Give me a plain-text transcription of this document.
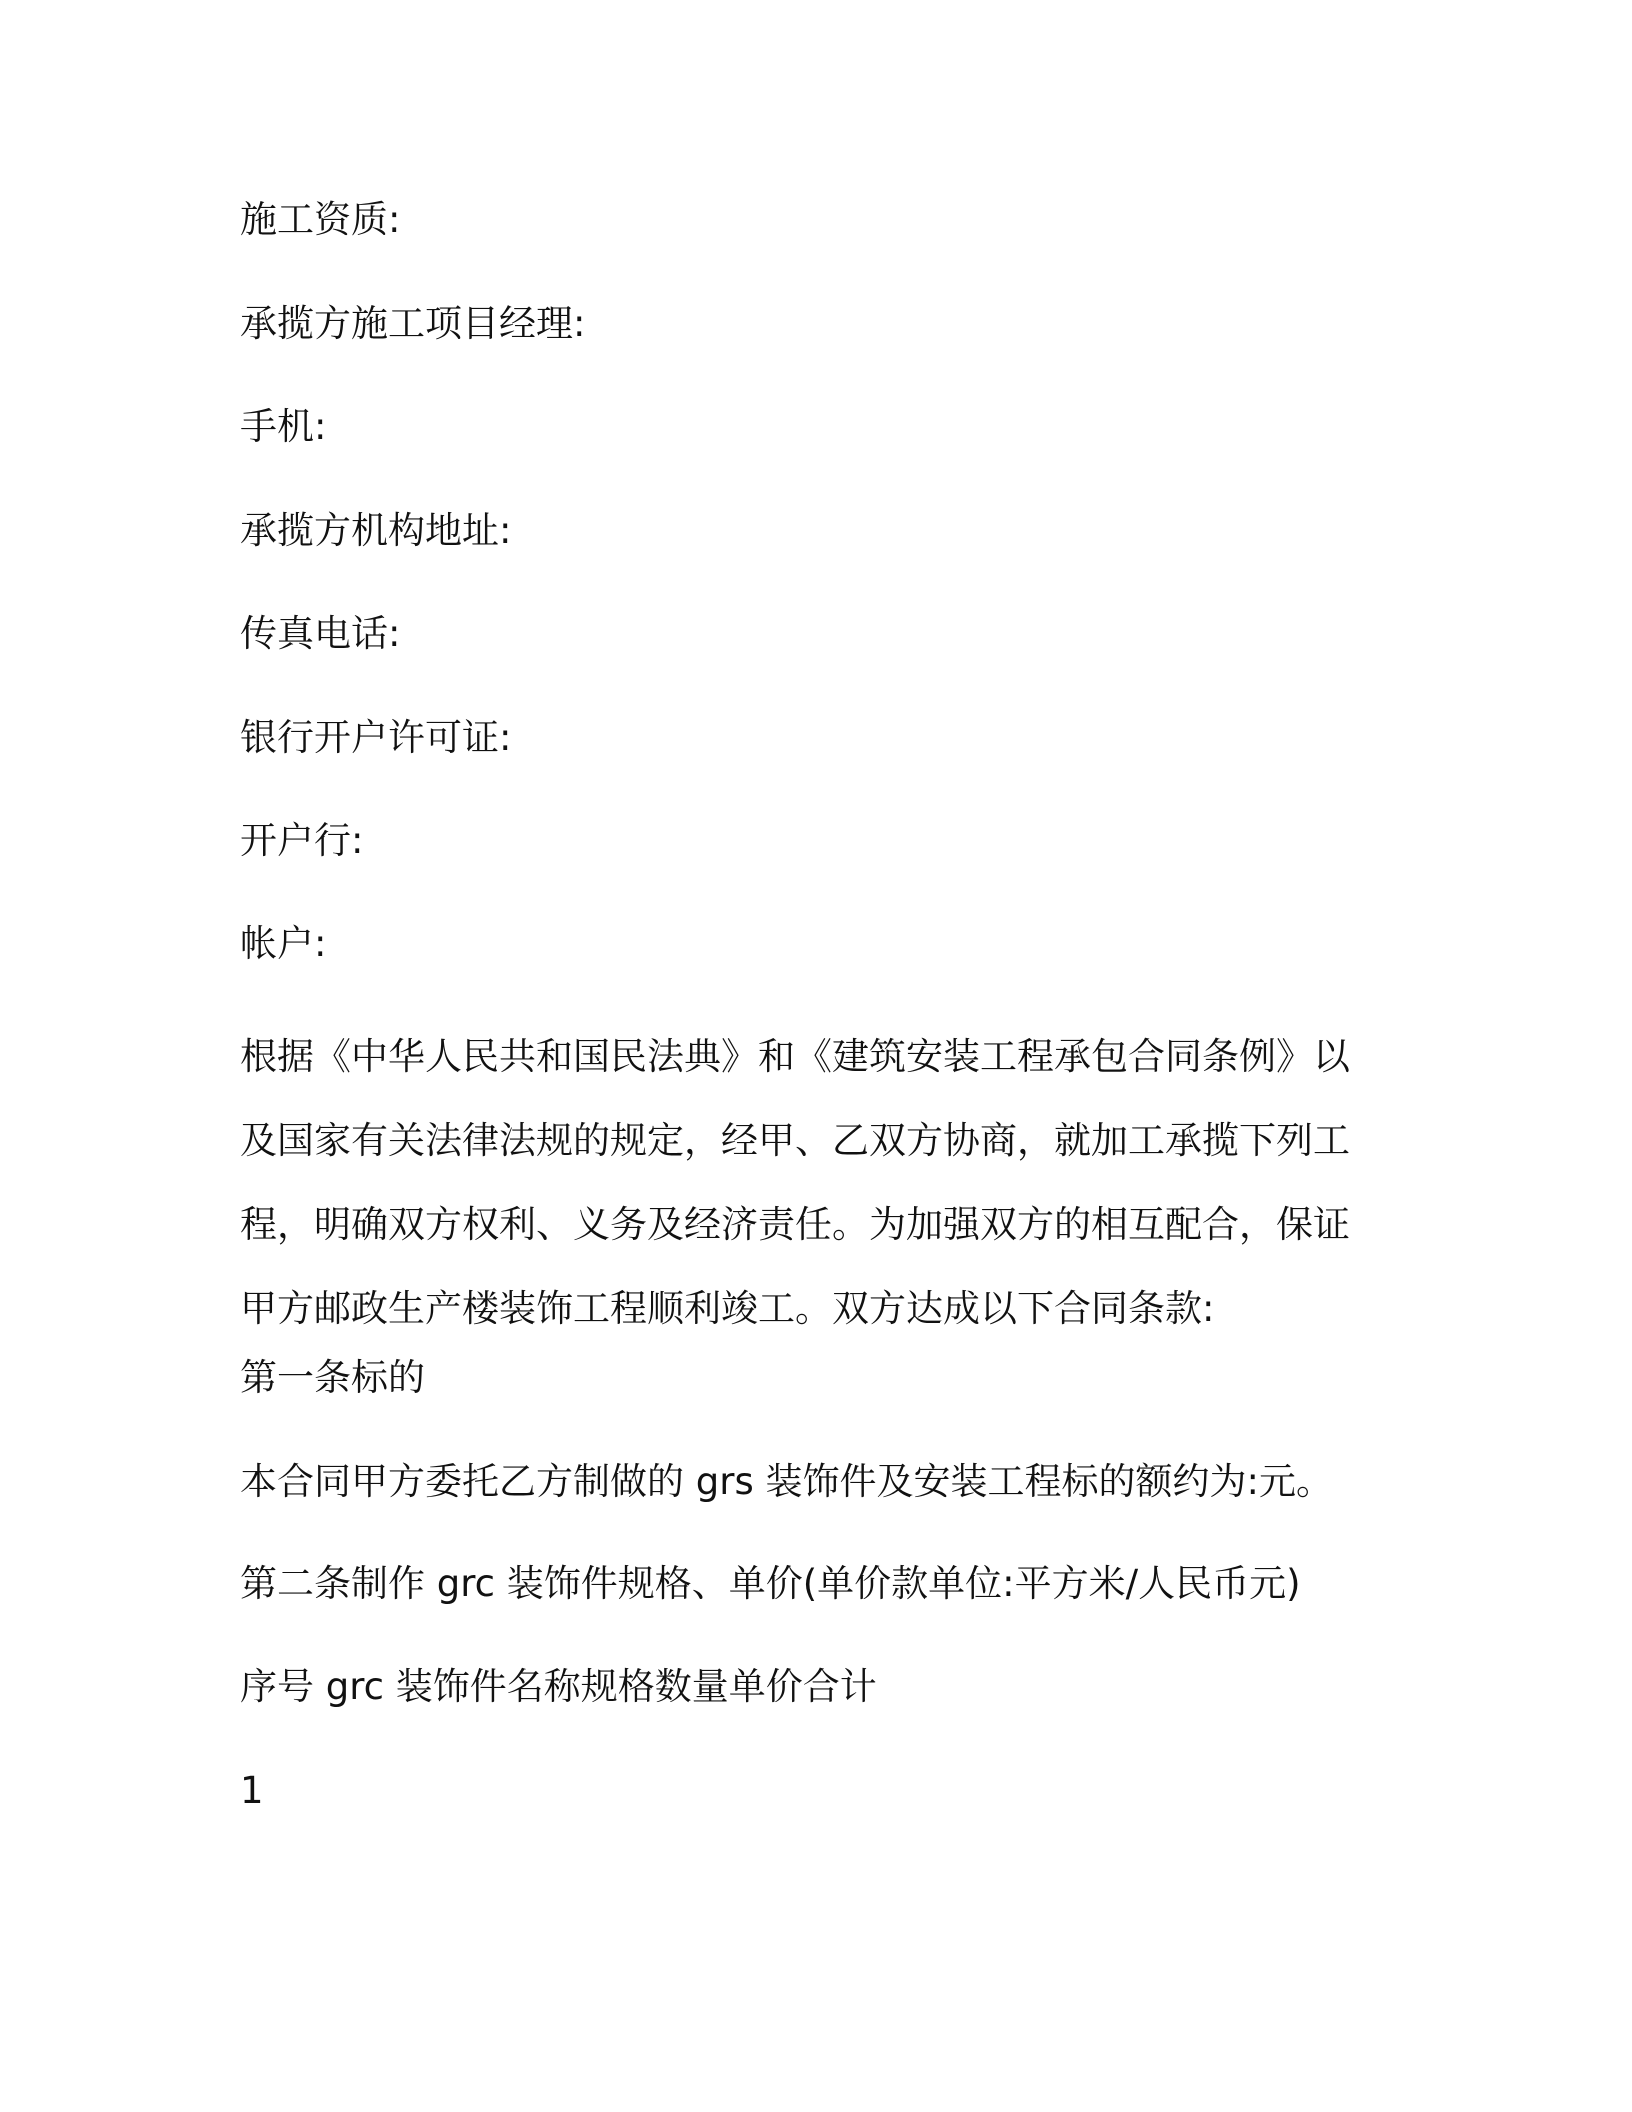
施工资质:

承揽方施工项目经理:

手机:

承揽方机构地址:

传真电话:

银行开户许可证:

开户行:

帐户:

根据《中华人民共和国民法典》和《建筑安装工程承包合同条例》以
及国家有关法律法规的规定，经甲、乙双方协商，就加工承揽下列工
程，明确双方权利、义务及经济责任。为加强双方的相互配合，保证
甲方邮政生产楼装饰工程顺利竣工。双方达成以下合同条款:

第一条标的

本合同甲方委托乙方制做的 grs 装饰件及安装工程标的额约为:元。

第二条制作 grc 装饰件规格、单价(单价款单位:平方米/人民币元)

序号 grc 装饰件名称规格数量单价合计

1
